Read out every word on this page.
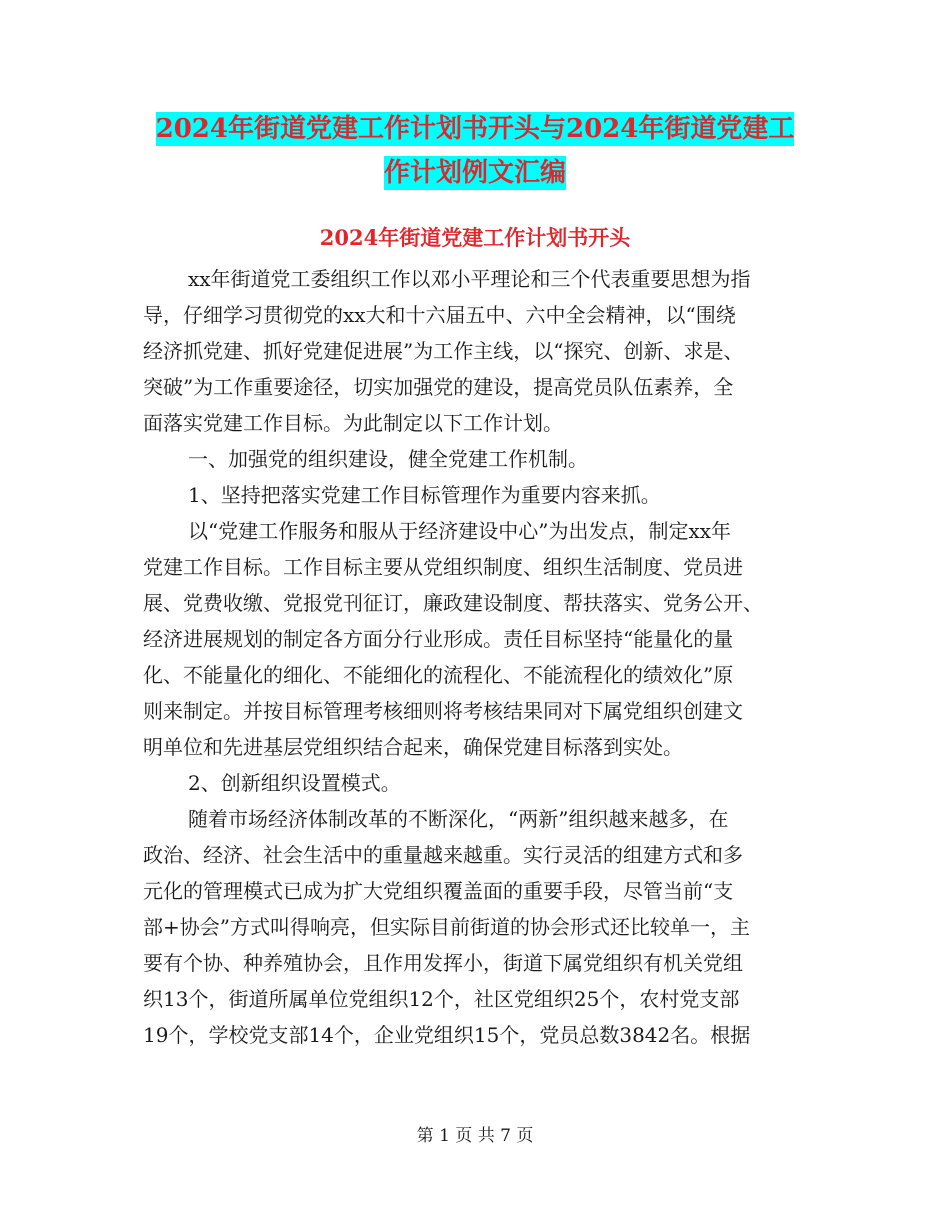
2024年街道党建工作计划书开头与2024年街道党建工
作计划例文汇编
2024年街道党建工作计划书开头
xx年街道党工委组织工作以邓小平理论和三个代表重要思想为指
导，仔细学习贯彻党的xx大和十六届五中、六中全会精神，以“围绕
经济抓党建、抓好党建促进展”为工作主线，以“探究、创新、求是、
突破”为工作重要途径，切实加强党的建设，提高党员队伍素养，全
面落实党建工作目标。为此制定以下工作计划。
一、加强党的组织建设，健全党建工作机制。
1、坚持把落实党建工作目标管理作为重要内容来抓。
以“党建工作服务和服从于经济建设中心”为出发点，制定xx年
党建工作目标。工作目标主要从党组织制度、组织生活制度、党员进
展、党费收缴、党报党刊征订，廉政建设制度、帮扶落实、党务公开、
经济进展规划的制定各方面分行业形成。责任目标坚持“能量化的量
化、不能量化的细化、不能细化的流程化、不能流程化的绩效化”原
则来制定。并按目标管理考核细则将考核结果同对下属党组织创建文
明单位和先进基层党组织结合起来，确保党建目标落到实处。
2、创新组织设置模式。
随着市场经济体制改革的不断深化，“两新”组织越来越多，在
政治、经济、社会生活中的重量越来越重。实行灵活的组建方式和多
元化的管理模式已成为扩大党组织覆盖面的重要手段，尽管当前“支
部+协会”方式叫得响亮，但实际目前街道的协会形式还比较单一，主
要有个协、种养殖协会，且作用发挥小，街道下属党组织有机关党组
织13个，街道所属单位党组织12个，社区党组织25个，农村党支部
19个，学校党支部14个，企业党组织15个，党员总数3842名。根据
第 1 页 共 7 页
